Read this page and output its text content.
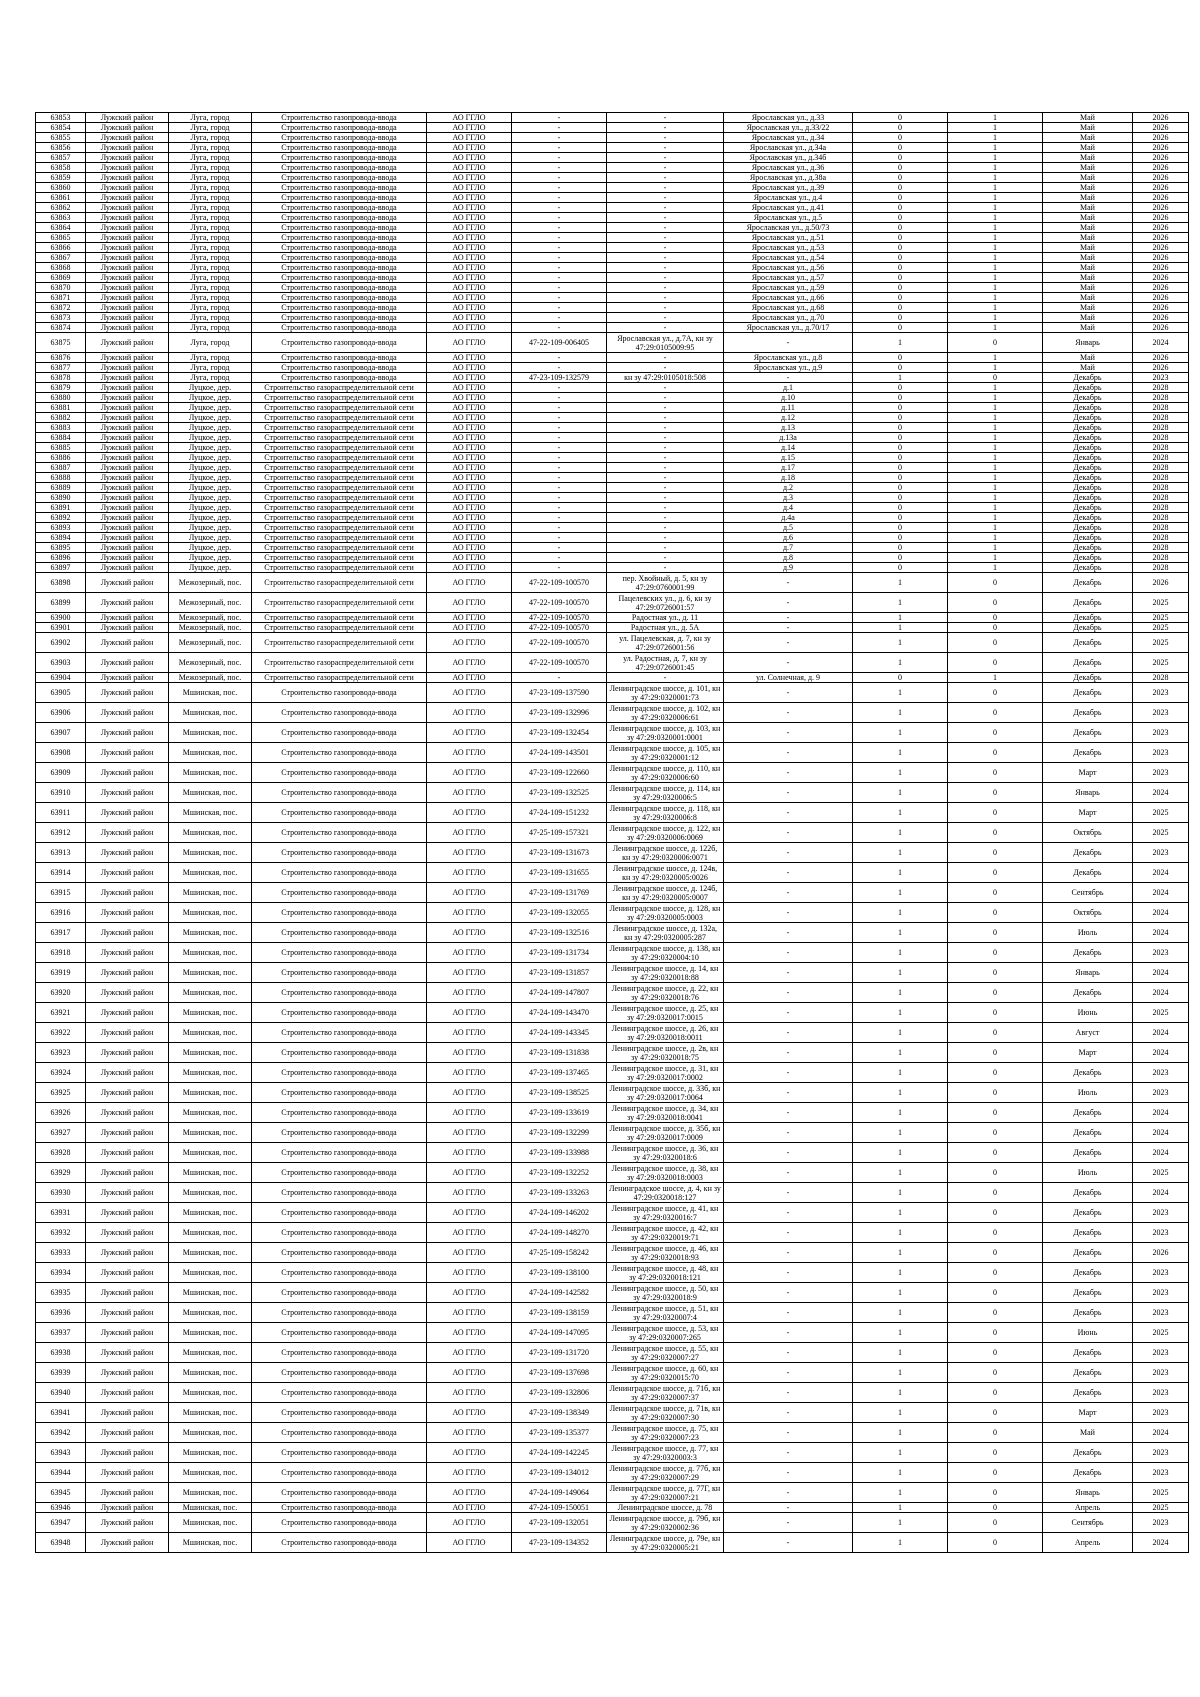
63853	Лужский район	Луга, город	Строительство газопровода-ввода	АО ГГЛО	-	-	Ярославская ул., д.33	0	1	Май	2026
63854	Лужский район	Луга, город	Строительство газопровода-ввода	АО ГГЛО	-	-	Ярославская ул., д.33/22	0	1	Май	2026
63855	Лужский район	Луга, город	Строительство газопровода-ввода	АО ГГЛО	-	-	Ярославская ул., д.34	0	1	Май	2026
63856	Лужский район	Луга, город	Строительство газопровода-ввода	АО ГГЛО	-	-	Ярославская ул., д.34а	0	1	Май	2026
63857	Лужский район	Луга, город	Строительство газопровода-ввода	АО ГГЛО	-	-	Ярославская ул., д.34б	0	1	Май	2026
63858	Лужский район	Луга, город	Строительство газопровода-ввода	АО ГГЛО	-	-	Ярославская ул., д.36	0	1	Май	2026
63859	Лужский район	Луга, город	Строительство газопровода-ввода	АО ГГЛО	-	-	Ярославская ул., д.38а	0	1	Май	2026
63860	Лужский район	Луга, город	Строительство газопровода-ввода	АО ГГЛО	-	-	Ярославская ул., д.39	0	1	Май	2026
63861	Лужский район	Луга, город	Строительство газопровода-ввода	АО ГГЛО	-	-	Ярославская ул., д.4	0	1	Май	2026
63862	Лужский район	Луга, город	Строительство газопровода-ввода	АО ГГЛО	-	-	Ярославская ул., д.41	0	1	Май	2026
63863	Лужский район	Луга, город	Строительство газопровода-ввода	АО ГГЛО	-	-	Ярославская ул., д.5	0	1	Май	2026
63864	Лужский район	Луга, город	Строительство газопровода-ввода	АО ГГЛО	-	-	Ярославская ул., д.50/73	0	1	Май	2026
63865	Лужский район	Луга, город	Строительство газопровода-ввода	АО ГГЛО	-	-	Ярославская ул., д.51	0	1	Май	2026
63866	Лужский район	Луга, город	Строительство газопровода-ввода	АО ГГЛО	-	-	Ярославская ул., д.53	0	1	Май	2026
63867	Лужский район	Луга, город	Строительство газопровода-ввода	АО ГГЛО	-	-	Ярославская ул., д.54	0	1	Май	2026
63868	Лужский район	Луга, город	Строительство газопровода-ввода	АО ГГЛО	-	-	Ярославская ул., д.56	0	1	Май	2026
63869	Лужский район	Луга, город	Строительство газопровода-ввода	АО ГГЛО	-	-	Ярославская ул., д.57	0	1	Май	2026
63870	Лужский район	Луга, город	Строительство газопровода-ввода	АО ГГЛО	-	-	Ярославская ул., д.59	0	1	Май	2026
63871	Лужский район	Луга, город	Строительство газопровода-ввода	АО ГГЛО	-	-	Ярославская ул., д.66	0	1	Май	2026
63872	Лужский район	Луга, город	Строительство газопровода-ввода	АО ГГЛО	-	-	Ярославская ул., д.68	0	1	Май	2026
63873	Лужский район	Луга, город	Строительство газопровода-ввода	АО ГГЛО	-	-	Ярославская ул., д.70	0	1	Май	2026
63874	Лужский район	Луга, город	Строительство газопровода-ввода	АО ГГЛО	-	-	Ярославская ул., д.70/17	0	1	Май	2026
63875	Лужский район	Луга, город	Строительство газопровода-ввода	АО ГГЛО	47-22-109-006405	Ярославская ул., д.7А, кн зу 47:29:0105009:95	-	1	0	Январь	2024
63876	Лужский район	Луга, город	Строительство газопровода-ввода	АО ГГЛО	-	-	Ярославская ул., д.8	0	1	Май	2026
63877	Лужский район	Луга, город	Строительство газопровода-ввода	АО ГГЛО	-	-	Ярославская ул., д.9	0	1	Май	2026
63878	Лужский район	Луга, город	Строительство газопровода-ввода	АО ГГЛО	47-23-109-132579	кн зу 47:29:0105018:508	-	1	0	Декабрь	2023
63879	Лужский район	Луцкое, дер.	Строительство газораспределительной сети	АО ГГЛО	-	-	д.1	0	1	Декабрь	2028
63880	Лужский район	Луцкое, дер.	Строительство газораспределительной сети	АО ГГЛО	-	-	д.10	0	1	Декабрь	2028
63881	Лужский район	Луцкое, дер.	Строительство газораспределительной сети	АО ГГЛО	-	-	д.11	0	1	Декабрь	2028
63882	Лужский район	Луцкое, дер.	Строительство газораспределительной сети	АО ГГЛО	-	-	д.12	0	1	Декабрь	2028
63883	Лужский район	Луцкое, дер.	Строительство газораспределительной сети	АО ГГЛО	-	-	д.13	0	1	Декабрь	2028
63884	Лужский район	Луцкое, дер.	Строительство газораспределительной сети	АО ГГЛО	-	-	д.13а	0	1	Декабрь	2028
63885	Лужский район	Луцкое, дер.	Строительство газораспределительной сети	АО ГГЛО	-	-	д.14	0	1	Декабрь	2028
63886	Лужский район	Луцкое, дер.	Строительство газораспределительной сети	АО ГГЛО	-	-	д.15	0	1	Декабрь	2028
63887	Лужский район	Луцкое, дер.	Строительство газораспределительной сети	АО ГГЛО	-	-	д.17	0	1	Декабрь	2028
63888	Лужский район	Луцкое, дер.	Строительство газораспределительной сети	АО ГГЛО	-	-	д.18	0	1	Декабрь	2028
63889	Лужский район	Луцкое, дер.	Строительство газораспределительной сети	АО ГГЛО	-	-	д.2	0	1	Декабрь	2028
63890	Лужский район	Луцкое, дер.	Строительство газораспределительной сети	АО ГГЛО	-	-	д.3	0	1	Декабрь	2028
63891	Лужский район	Луцкое, дер.	Строительство газораспределительной сети	АО ГГЛО	-	-	д.4	0	1	Декабрь	2028
63892	Лужский район	Луцкое, дер.	Строительство газораспределительной сети	АО ГГЛО	-	-	д.4а	0	1	Декабрь	2028
63893	Лужский район	Луцкое, дер.	Строительство газораспределительной сети	АО ГГЛО	-	-	д.5	0	1	Декабрь	2028
63894	Лужский район	Луцкое, дер.	Строительство газораспределительной сети	АО ГГЛО	-	-	д.6	0	1	Декабрь	2028
63895	Лужский район	Луцкое, дер.	Строительство газораспределительной сети	АО ГГЛО	-	-	д.7	0	1	Декабрь	2028
63896	Лужский район	Луцкое, дер.	Строительство газораспределительной сети	АО ГГЛО	-	-	д.8	0	1	Декабрь	2028
63897	Лужский район	Луцкое, дер.	Строительство газораспределительной сети	АО ГГЛО	-	-	д.9	0	1	Декабрь	2028
63898	Лужский район	Межозерный, пос.	Строительство газораспределительной сети	АО ГГЛО	47-22-109-100570	пер. Хвойный, д. 5, кн зу 47:29:0760001:99	-	1	0	Декабрь	2026
63899	Лужский район	Межозерный, пос.	Строительство газораспределительной сети	АО ГГЛО	47-22-109-100570	Пацелевских ул., д. 6, кн зу 47:29:0726001:57	-	1	0	Декабрь	2025
63900	Лужский район	Межозерный, пос.	Строительство газораспределительной сети	АО ГГЛО	47-22-109-100570	Радостная ул., д. 11	-	1	0	Декабрь	2025
63901	Лужский район	Межозерный, пос.	Строительство газораспределительной сети	АО ГГЛО	47-22-109-100570	Радостная ул., д. 5А	-	1	0	Декабрь	2025
63902	Лужский район	Межозерный, пос.	Строительство газораспределительной сети	АО ГГЛО	47-22-109-100570	ул. Пацелевская, д. 7, кн зу 47:29:0726001:56	-	1	0	Декабрь	2025
63903	Лужский район	Межозерный, пос.	Строительство газораспределительной сети	АО ГГЛО	47-22-109-100570	ул. Радостная, д. 7, кн зу 47:29:0726001:45	-	1	0	Декабрь	2025
63904	Лужский район	Межозерный, пос.	Строительство газораспределительной сети	АО ГГЛО	-	-	ул. Солнечная, д. 9	0	1	Декабрь	2028
63905	Лужский район	Мшинская, пос.	Строительство газопровода-ввода	АО ГГЛО	47-23-109-137590	Ленинградское шоссе, д. 101, кн зу 47:29:0320001:73	-	1	0	Декабрь	2023
63906	Лужский район	Мшинская, пос.	Строительство газопровода-ввода	АО ГГЛО	47-23-109-132996	Ленинградское шоссе, д. 102, кн зу 47:29:0320006:61	-	1	0	Декабрь	2023
63907	Лужский район	Мшинская, пос.	Строительство газопровода-ввода	АО ГГЛО	47-23-109-132454	Ленинградское шоссе, д. 103, кн зу 47:29:0320001:0001	-	1	0	Декабрь	2023
63908	Лужский район	Мшинская, пос.	Строительство газопровода-ввода	АО ГГЛО	47-24-109-143501	Ленинградское шоссе, д. 105, кн зу 47:29:0320001:12	-	1	0	Декабрь	2023
63909	Лужский район	Мшинская, пос.	Строительство газопровода-ввода	АО ГГЛО	47-23-109-122660	Ленинградское шоссе, д. 110, кн зу 47:29:0320006:60	-	1	0	Март	2023
63910	Лужский район	Мшинская, пос.	Строительство газопровода-ввода	АО ГГЛО	47-23-109-132525	Ленинградское шоссе, д. 114, кн зу 47:29:0320006:5	-	1	0	Январь	2024
63911	Лужский район	Мшинская, пос.	Строительство газопровода-ввода	АО ГГЛО	47-24-109-151232	Ленинградское шоссе, д. 118, кн зу 47:29:0320006:8	-	1	0	Март	2025
63912	Лужский район	Мшинская, пос.	Строительство газопровода-ввода	АО ГГЛО	47-25-109-157321	Ленинградское шоссе, д. 122, кн зу 47:29:0320006:0069	-	1	0	Октябрь	2025
63913	Лужский район	Мшинская, пос.	Строительство газопровода-ввода	АО ГГЛО	47-23-109-131673	Ленинградское шоссе, д. 122б, кн зу 47:29:0320006:0071	-	1	0	Декабрь	2023
63914	Лужский район	Мшинская, пос.	Строительство газопровода-ввода	АО ГГЛО	47-23-109-131655	Ленинградское шоссе, д. 124в, кн зу 47:29:0320005:0026	-	1	0	Декабрь	2024
63915	Лужский район	Мшинская, пос.	Строительство газопровода-ввода	АО ГГЛО	47-23-109-131769	Ленинградское шоссе, д. 124б, кн зу 47:29:0320005:0007	-	1	0	Сентябрь	2024
63916	Лужский район	Мшинская, пос.	Строительство газопровода-ввода	АО ГГЛО	47-23-109-132055	Ленинградское шоссе, д. 128, кн зу 47:29:0320005:0003	-	1	0	Октябрь	2024
63917	Лужский район	Мшинская, пос.	Строительство газопровода-ввода	АО ГГЛО	47-23-109-132516	Ленинградское шоссе, д. 132а, кн зу 47:29:0320005:287	-	1	0	Июль	2024
63918	Лужский район	Мшинская, пос.	Строительство газопровода-ввода	АО ГГЛО	47-23-109-131734	Ленинградское шоссе, д. 138, кн зу 47:29:0320004:10	-	1	0	Декабрь	2023
63919	Лужский район	Мшинская, пос.	Строительство газопровода-ввода	АО ГГЛО	47-23-109-131857	Ленинградское шоссе, д. 14, кн зу 47:29:0320018:88	-	1	0	Январь	2024
63920	Лужский район	Мшинская, пос.	Строительство газопровода-ввода	АО ГГЛО	47-24-109-147807	Ленинградское шоссе, д. 22, кн зу 47:29:0320018:76	-	1	0	Декабрь	2024
63921	Лужский район	Мшинская, пос.	Строительство газопровода-ввода	АО ГГЛО	47-24-109-143470	Ленинградское шоссе, д. 25, кн зу 47:29:0320017:0015	-	1	0	Июнь	2025
63922	Лужский район	Мшинская, пос.	Строительство газопровода-ввода	АО ГГЛО	47-24-109-143345	Ленинградское шоссе, д. 26, кн зу 47:29:0320018:0011	-	1	0	Август	2024
63923	Лужский район	Мшинская, пос.	Строительство газопровода-ввода	АО ГГЛО	47-23-109-131838	Ленинградское шоссе, д. 2в, кн зу 47:29:0320018:75	-	1	0	Март	2024
63924	Лужский район	Мшинская, пос.	Строительство газопровода-ввода	АО ГГЛО	47-23-109-137465	Ленинградское шоссе, д. 31, кн зу 47:29:0320017:0002	-	1	0	Декабрь	2023
63925	Лужский район	Мшинская, пос.	Строительство газопровода-ввода	АО ГГЛО	47-23-109-138525	Ленинградское шоссе, д. 33б, кн зу 47:29:0320017:0064	-	1	0	Июль	2023
63926	Лужский район	Мшинская, пос.	Строительство газопровода-ввода	АО ГГЛО	47-23-109-133619	Ленинградское шоссе, д. 34, кн зу 47:29:0320018:0041	-	1	0	Декабрь	2024
63927	Лужский район	Мшинская, пос.	Строительство газопровода-ввода	АО ГГЛО	47-23-109-132299	Ленинградское шоссе, д. 35б, кн зу 47:29:0320017:0009	-	1	0	Декабрь	2024
63928	Лужский район	Мшинская, пос.	Строительство газопровода-ввода	АО ГГЛО	47-23-109-133988	Ленинградское шоссе, д. 36, кн зу 47:29:0320018:6	-	1	0	Декабрь	2024
63929	Лужский район	Мшинская, пос.	Строительство газопровода-ввода	АО ГГЛО	47-23-109-132252	Ленинградское шоссе, д. 38, кн зу 47:29:0320018:0003	-	1	0	Июль	2025
63930	Лужский район	Мшинская, пос.	Строительство газопровода-ввода	АО ГГЛО	47-23-109-133263	Ленинградское шоссе, д. 4, кн зу 47:29:0320018:127	-	1	0	Декабрь	2024
63931	Лужский район	Мшинская, пос.	Строительство газопровода-ввода	АО ГГЛО	47-24-109-146202	Ленинградское шоссе, д. 41, кн зу 47:29:0320016:7	-	1	0	Декабрь	2023
63932	Лужский район	Мшинская, пос.	Строительство газопровода-ввода	АО ГГЛО	47-24-109-148270	Ленинградское шоссе, д. 42, кн зу 47:29:0320019:71	-	1	0	Декабрь	2023
63933	Лужский район	Мшинская, пос.	Строительство газопровода-ввода	АО ГГЛО	47-25-109-158242	Ленинградское шоссе, д. 46, кн зу 47:29:0320018:93	-	1	0	Декабрь	2026
63934	Лужский район	Мшинская, пос.	Строительство газопровода-ввода	АО ГГЛО	47-23-109-138100	Ленинградское шоссе, д. 48, кн зу 47:29:0320018:121	-	1	0	Декабрь	2023
63935	Лужский район	Мшинская, пос.	Строительство газопровода-ввода	АО ГГЛО	47-24-109-142582	Ленинградское шоссе, д. 50, кн зу 47:29:0320018:9	-	1	0	Декабрь	2023
63936	Лужский район	Мшинская, пос.	Строительство газопровода-ввода	АО ГГЛО	47-23-109-138159	Ленинградское шоссе, д. 51, кн зу 47:29:0320007:4	-	1	0	Декабрь	2023
63937	Лужский район	Мшинская, пос.	Строительство газопровода-ввода	АО ГГЛО	47-24-109-147095	Ленинградское шоссе, д. 53, кн зу 47:29:0320007:265	-	1	0	Июнь	2025
63938	Лужский район	Мшинская, пос.	Строительство газопровода-ввода	АО ГГЛО	47-23-109-131720	Ленинградское шоссе, д. 55, кн зу 47:29:0320007:27	-	1	0	Декабрь	2023
63939	Лужский район	Мшинская, пос.	Строительство газопровода-ввода	АО ГГЛО	47-23-109-137698	Ленинградское шоссе, д. 60, кн зу 47:29:0320015:70	-	1	0	Декабрь	2023
63940	Лужский район	Мшинская, пос.	Строительство газопровода-ввода	АО ГГЛО	47-23-109-132806	Ленинградское шоссе, д. 71б, кн зу 47:29:0320007:37	-	1	0	Декабрь	2023
63941	Лужский район	Мшинская, пос.	Строительство газопровода-ввода	АО ГГЛО	47-23-109-138349	Ленинградское шоссе, д. 71в, кн зу 47:29:0320007:30	-	1	0	Март	2023
63942	Лужский район	Мшинская, пос.	Строительство газопровода-ввода	АО ГГЛО	47-23-109-135377	Ленинградское шоссе, д. 75, кн зу 47:29:0320007:23	-	1	0	Май	2024
63943	Лужский район	Мшинская, пос.	Строительство газопровода-ввода	АО ГГЛО	47-24-109-142245	Ленинградское шоссе, д. 77, кн зу 47:29:0320003:3	-	1	0	Декабрь	2023
63944	Лужский район	Мшинская, пос.	Строительство газопровода-ввода	АО ГГЛО	47-23-109-134012	Ленинградское шоссе, д. 77б, кн зу 47:29:0320007:29	-	1	0	Декабрь	2023
63945	Лужский район	Мшинская, пос.	Строительство газопровода-ввода	АО ГГЛО	47-24-109-149064	Ленинградское шоссе, д. 77Г, кн зу 47:29:0320007:21	-	1	0	Январь	2025
63946	Лужский район	Мшинская, пос.	Строительство газопровода-ввода	АО ГГЛО	47-24-109-150051	Ленинградское шоссе, д. 78	-	1	0	Апрель	2025
63947	Лужский район	Мшинская, пос.	Строительство газопровода-ввода	АО ГГЛО	47-23-109-132051	Ленинградское шоссе, д. 79б, кн зу 47:29:0320002:36	-	1	0	Сентябрь	2023
63948	Лужский район	Мшинская, пос.	Строительство газопровода-ввода	АО ГГЛО	47-23-109-134352	Ленинградское шоссе, д. 79е, кн зу 47:29:0320005:21	-	1	0	Апрель	2024
